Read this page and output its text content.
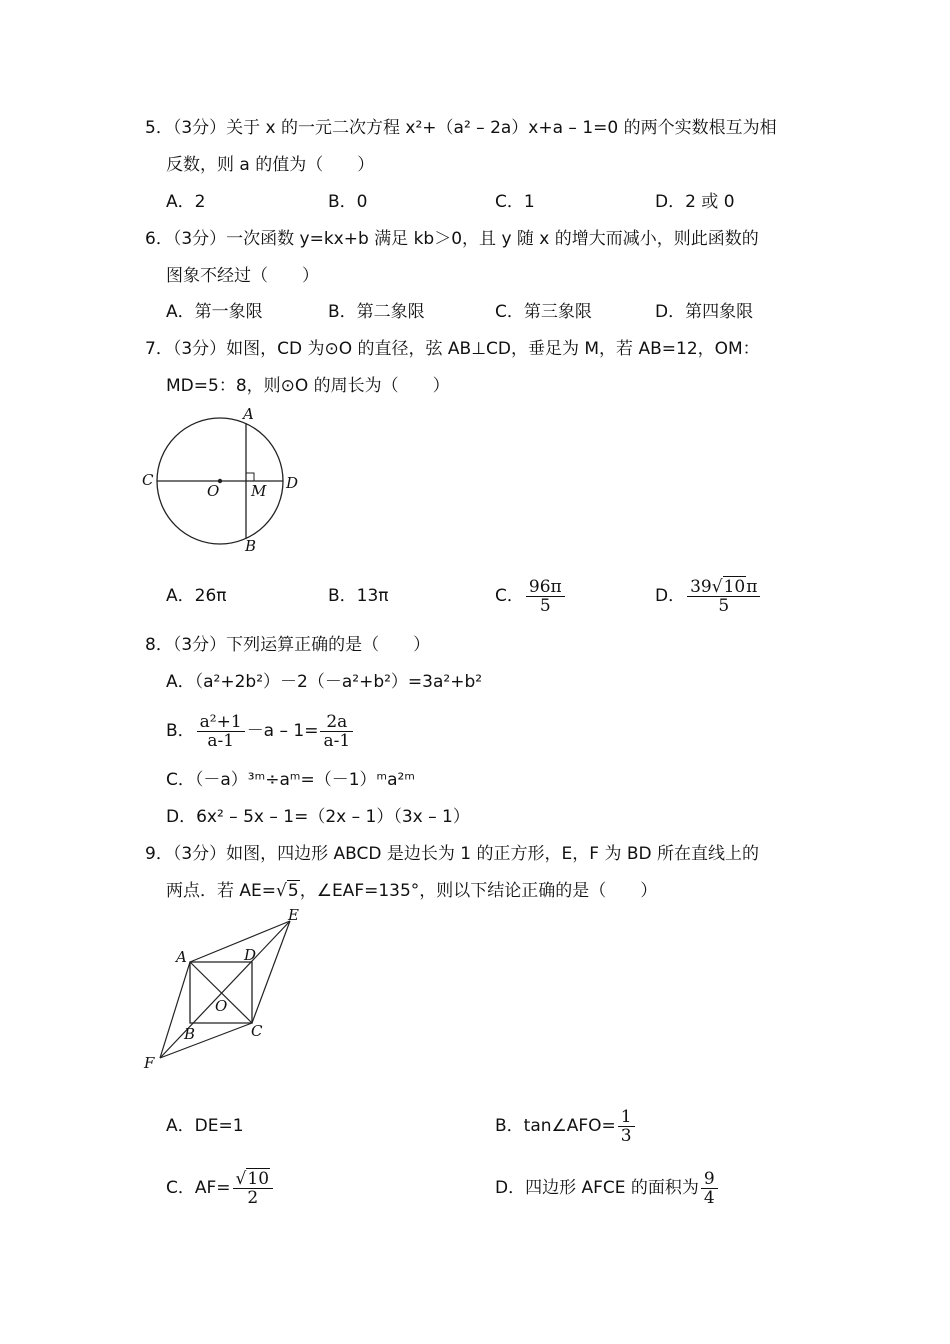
5．（3分）关于 x 的一元二次方程 x²+（a² – 2a）x+a – 1=0 的两个实数根互为相
反数，则 a 的值为（　　）
A．2	B．0	C．1	D．2 或 0
6．（3分）一次函数 y=kx+b 满足 kb＞0，且 y 随 x 的增大而减小，则此函数的
图象不经过（　　）
A．第一象限	B．第二象限	C．第三象限	D．第四象限
7．（3分）如图，CD 为⊙O 的直径，弦 AB⊥CD，垂足为 M，若 AB=12，OM：
MD=5：8，则⊙O 的周长为（　　）
A
B
C	D
O M
A．26π	B．13π	C． $\frac{96\pi}{5}$	D． $\frac{39√10\pi}{5}$
8．（3分）下列运算正确的是（　　）
A．（a²+2b²）－2（－a²+b²）=3a²+b²
B． $\frac{\text{a²+1}}{a-1} -a - 1= \frac{2a}{a-1}$
C．（－a）³ᵐ÷aᵐ=（－1）ᵐa²ᵐ
D．6x² – 5x – 1=（2x – 1）（3x – 1）
9．（3分）如图，四边形 ABCD 是边长为 1 的正方形，E，F 为 BD 所在直线上的
两点．若 AE=√5，∠EAF=135°，则以下结论正确的是（　　）
A	D
E
O
B	C
F
A．DE=1	B．tan∠AFO= $\frac{1}{3}$
C．$AF= \frac{√10}{2}$	D．四边形 AFCE 的面积为 $\frac{9}{4}$
